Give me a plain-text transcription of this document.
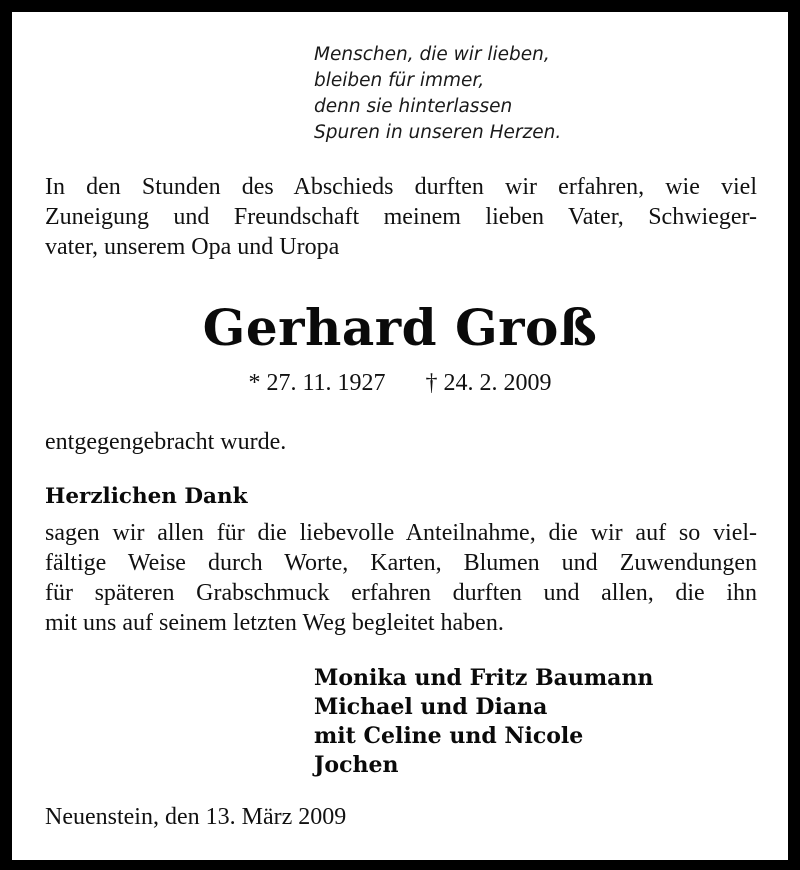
Menschen, die wir lieben,
bleiben für immer,
denn sie hinterlassen
Spuren in unseren Herzen.
In den Stunden des Abschieds durften wir erfahren, wie viel
Zuneigung und Freundschaft meinem lieben Vater, Schwieger-
vater, unserem Opa und Uropa
Gerhard Groß
* 27. 11. 1927 † 24. 2. 2009
entgegengebracht wurde.
Herzlichen Dank
sagen wir allen für die liebevolle Anteilnahme, die wir auf so viel-
fältige Weise durch Worte, Karten, Blumen und Zuwendungen
für späteren Grabschmuck erfahren durften und allen, die ihn
mit uns auf seinem letzten Weg begleitet haben.
Monika und Fritz Baumann
Michael und Diana
mit Celine und Nicole
Jochen
Neuenstein, den 13. März 2009
